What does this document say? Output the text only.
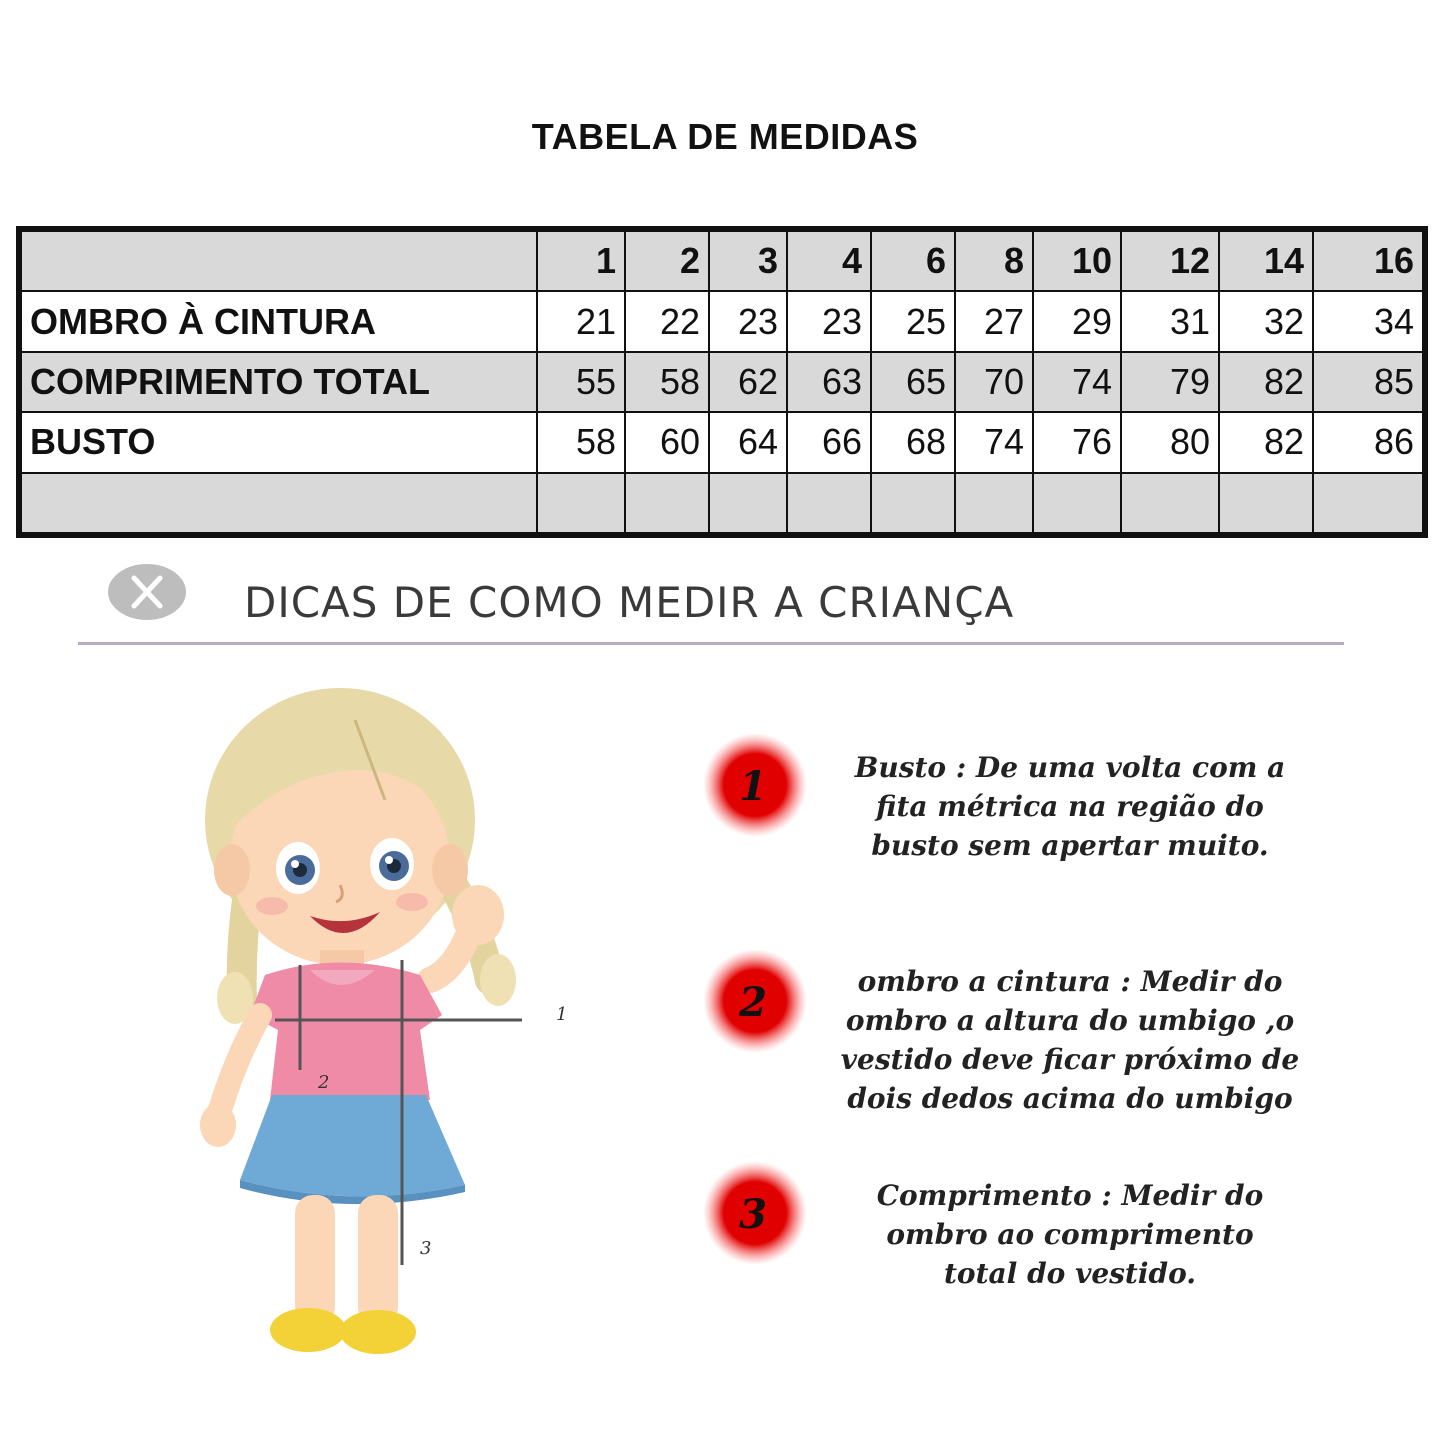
TABELA DE MEDIDAS
	1	2	3	4	6	8	10	12	14	16
OMBRO À CINTURA	21	22	23	23	25	27	29	31	32	34
COMPRIMENTO TOTAL	55	58	62	63	65	70	74	79	82	85
BUSTO	58	60	64	66	68	74	76	80	82	86

DICAS DE COMO MEDIR A CRIANÇA
1
2
3
1	Busto : De uma volta com a
fita métrica na região do
busto sem apertar muito.
2	ombro a cintura : Medir do
ombro a altura do umbigo ,o
vestido deve ficar próximo de
dois dedos acima do umbigo
3	Comprimento : Medir do
ombro ao comprimento
total do vestido.
